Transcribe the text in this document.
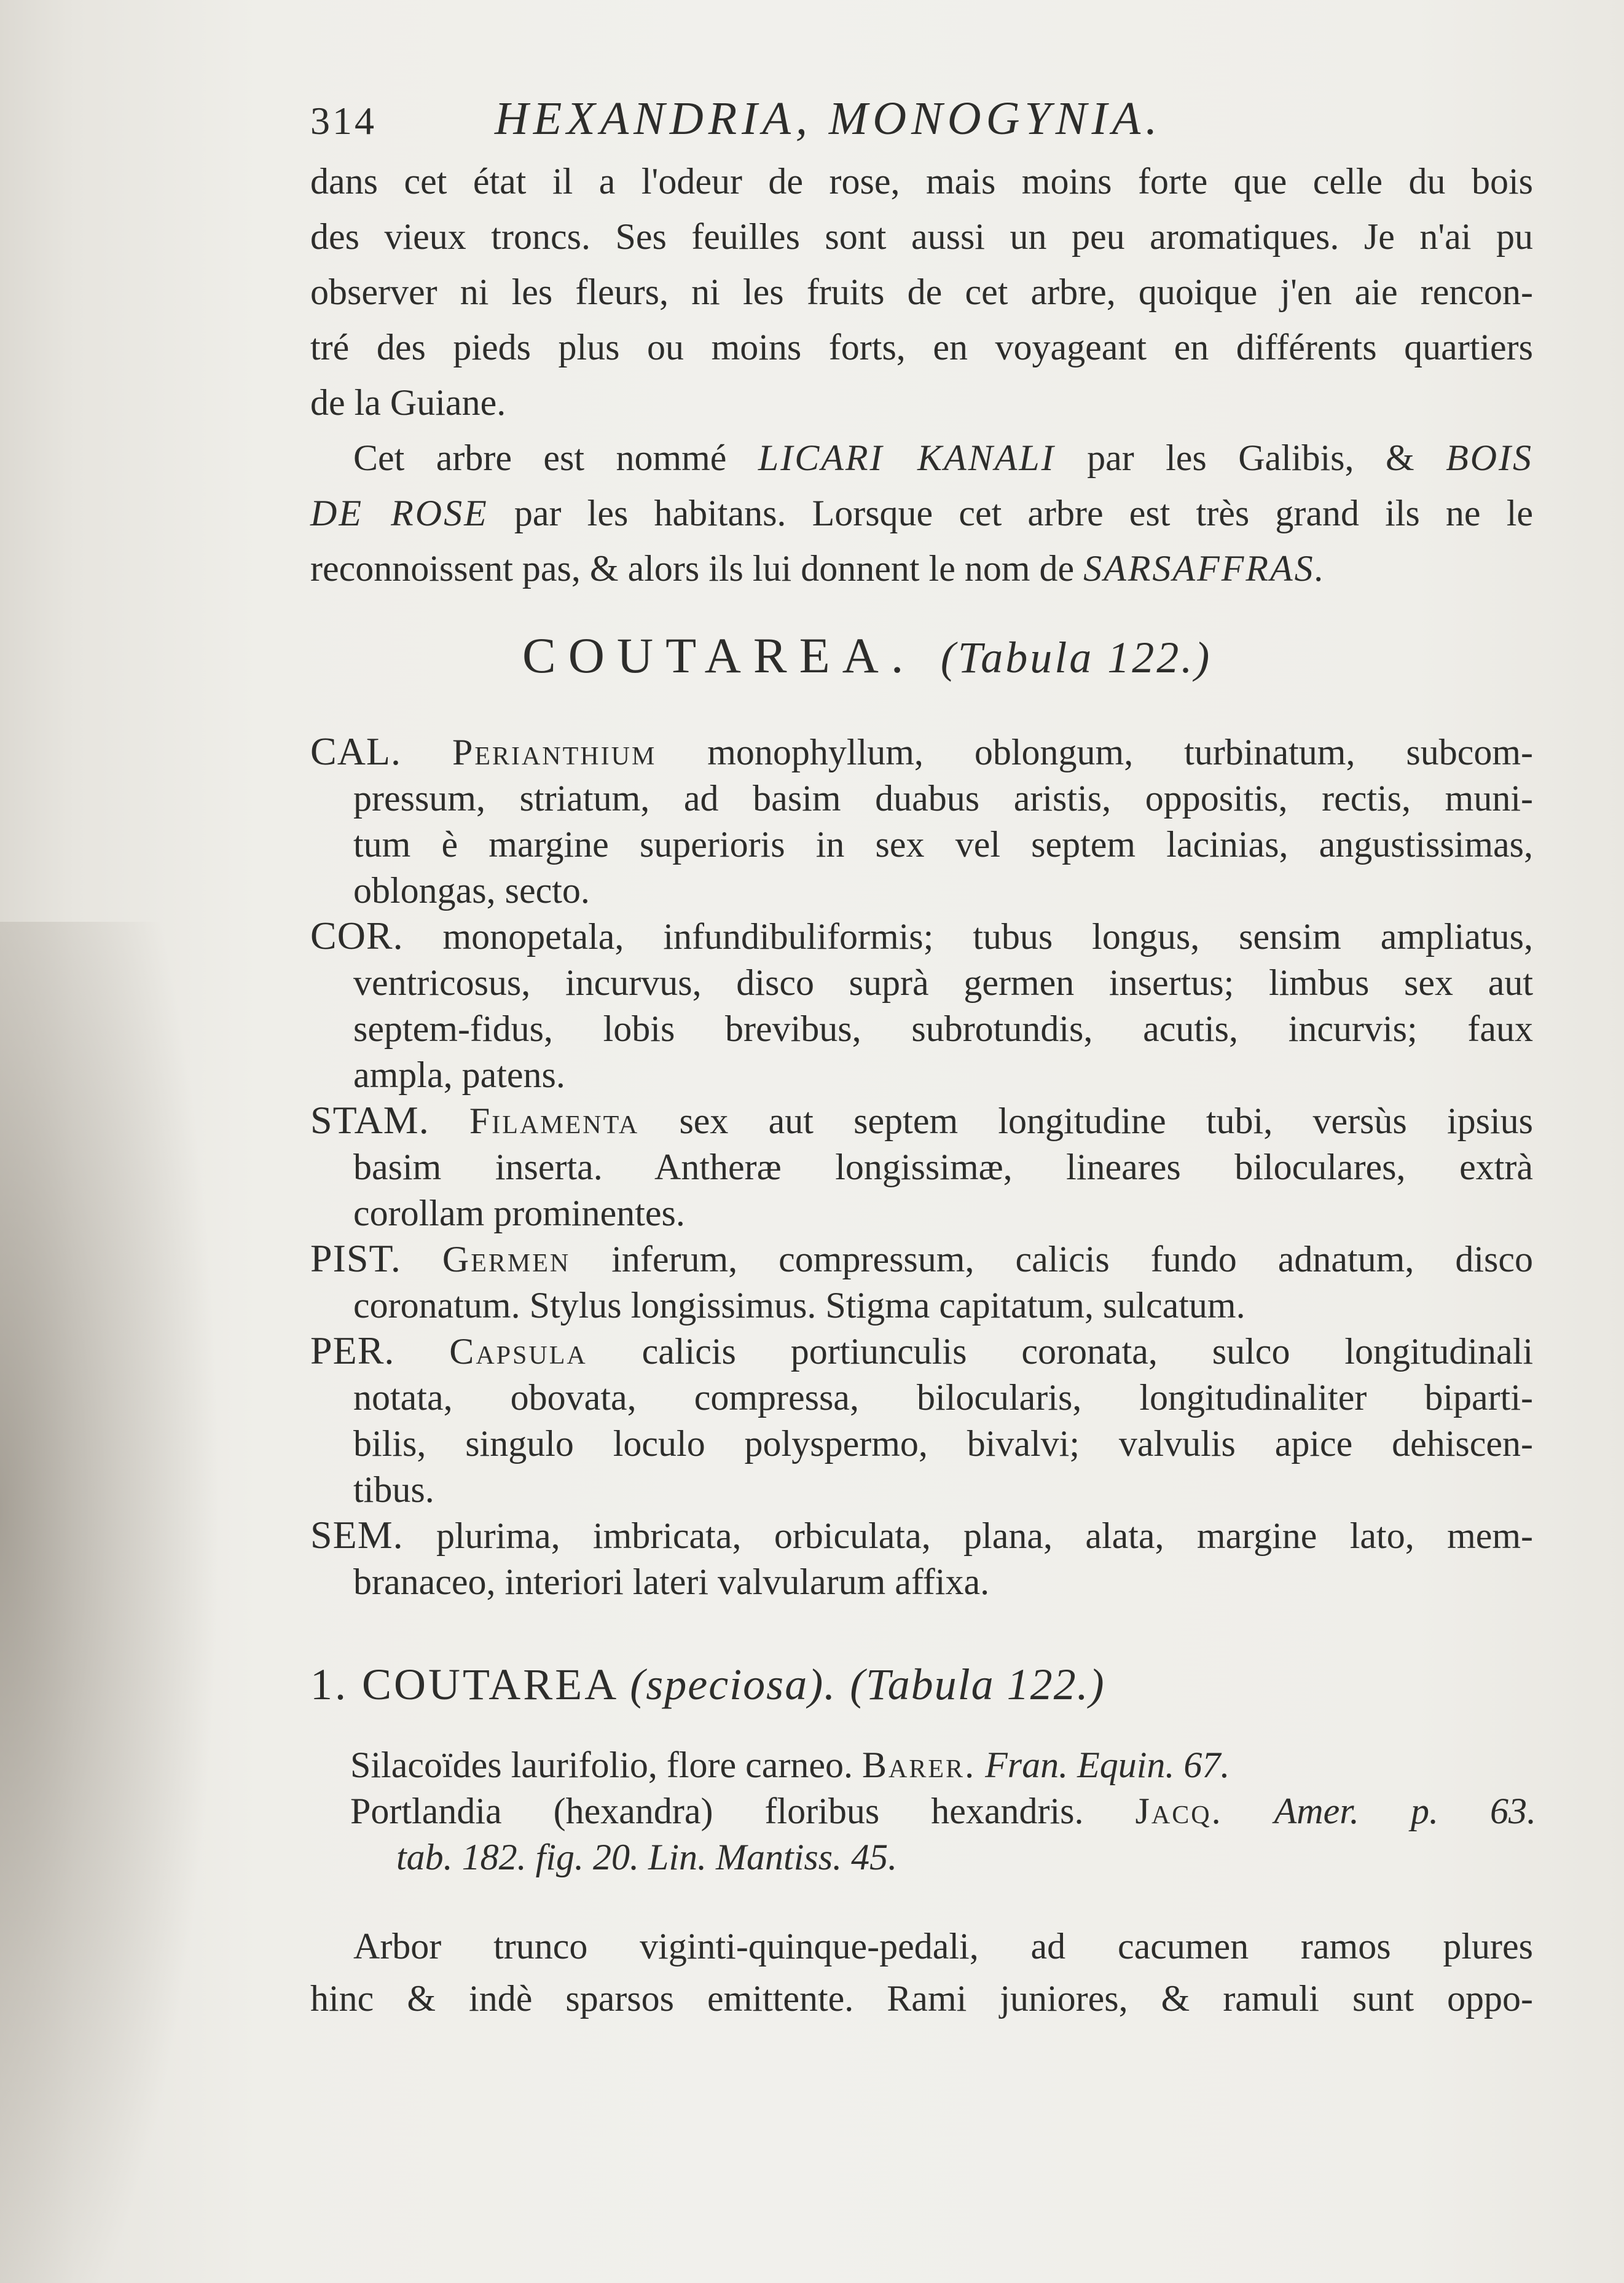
314	HEXANDRIA, MONOGYNIA.

dans cet état il a l'odeur de rose, mais moins forte que celle du bois

des vieux troncs. Ses feuilles sont aussi un peu aromatiques. Je n'ai pu

observer ni les fleurs, ni les fruits de cet arbre, quoique j'en aie rencon-

tré des pieds plus ou moins forts, en voyageant en différents quartiers

de la Guiane.

Cet arbre est nommé LICARI KANALI par les Galibis, & BOIS

DE ROSE par les habitans. Lorsque cet arbre est très grand ils ne le

reconnoissent pas, & alors ils lui donnent le nom de SARSAFFRAS.

COUTAREA. (Tabula 122.)
CAL. Perianthium monophyllum, oblongum, turbinatum, subcom-
pressum, striatum, ad basim duabus aristis, oppositis, rectis, muni-
tum è margine superioris in sex vel septem lacinias, angustissimas,
oblongas, secto.
COR. monopetala, infundibuliformis; tubus longus, sensim ampliatus,
ventricosus, incurvus, disco suprà germen insertus; limbus sex aut
septem-fidus, lobis brevibus, subrotundis, acutis, incurvis; faux
ampla, patens.
STAM. Filamenta sex aut septem longitudine tubi, versùs ipsius
basim inserta. Antheræ longissimæ, lineares biloculares, extrà
corollam prominentes.
PIST. Germen inferum, compressum, calicis fundo adnatum, disco
coronatum. Stylus longissimus. Stigma capitatum, sulcatum.
PER. Capsula calicis portiunculis coronata, sulco longitudinali
notata, obovata, compressa, bilocularis, longitudinaliter biparti-
bilis, singulo loculo polyspermo, bivalvi; valvulis apice dehiscen-
tibus.
SEM. plurima, imbricata, orbiculata, plana, alata, margine lato, mem-
branaceo, interiori lateri valvularum affixa.
1. COUTAREA (speciosa). (Tabula 122.)
Silacoïdes laurifolio, flore carneo. Barer. Fran. Equin. 67.
Portlandia (hexandra) floribus hexandris. Jacq. Amer. p. 63.
tab. 182. fig. 20. Lin. Mantiss. 45.
Arbor trunco viginti-quinque-pedali, ad cacumen ramos plures
hinc & indè sparsos emittente. Rami juniores, & ramuli sunt oppo-
